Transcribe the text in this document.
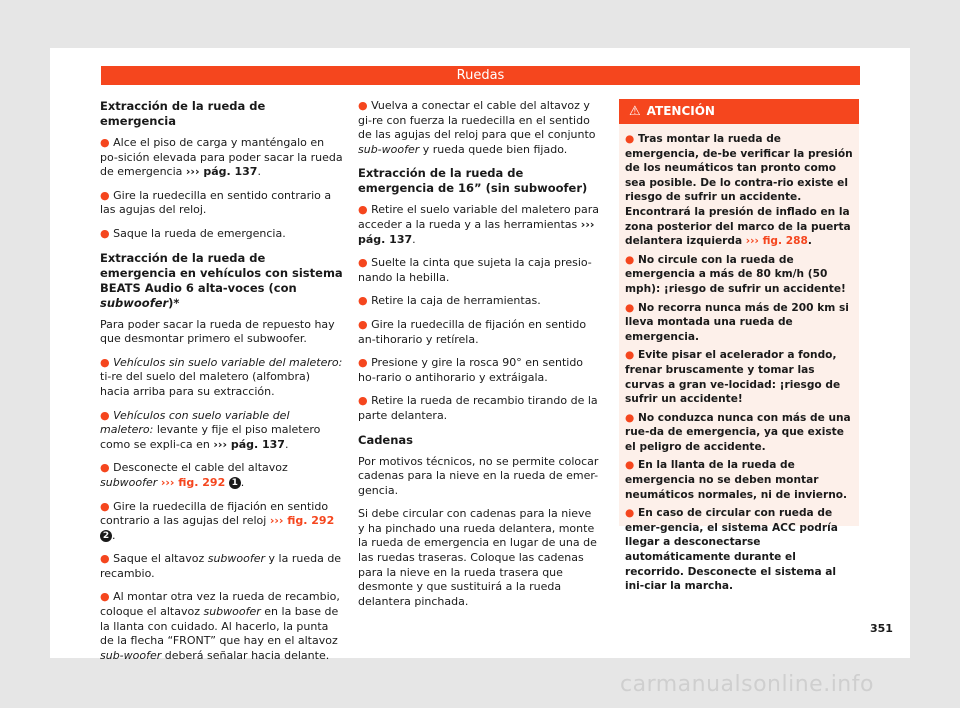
Ruedas
Extracción de la rueda de emergencia

● Alce el piso de carga y manténgalo en po-sición elevada para poder sacar la rueda de emergencia ››› pág. 137.

● Gire la ruedecilla en sentido contrario a las agujas del reloj.

● Saque la rueda de emergencia.

Extracción de la rueda de emergencia en vehículos con sistema BEATS Audio 6 alta-voces (con subwoofer)*

Para poder sacar la rueda de repuesto hay que desmontar primero el subwoofer.

● Vehículos sin suelo variable del maletero: ti-re del suelo del maletero (alfombra) hacia arriba para su extracción.

● Vehículos con suelo variable del maletero: levante y fije el piso maletero como se expli-ca en ››› pág. 137.

● Desconecte el cable del altavoz subwoofer ››› fig. 292 1 .

● Gire la ruedecilla de fijación en sentido contrario a las agujas del reloj ››› fig. 292 2 .

● Saque el altavoz subwoofer y la rueda de recambio.

● Al montar otra vez la rueda de recambio, coloque el altavoz subwoofer en la base de la llanta con cuidado. Al hacerlo, la punta de la flecha “FRONT” que hay en el altavoz sub-woofer deberá señalar hacia delante.

● Vuelva a conectar el cable del altavoz y gi-re con fuerza la ruedecilla en el sentido de las agujas del reloj para que el conjunto sub-woofer y rueda quede bien fijado.

Extracción de la rueda de emergencia de 16” (sin subwoofer)

● Retire el suelo variable del maletero para acceder a la rueda y a las herramientas ››› pág. 137.

● Suelte la cinta que sujeta la caja presio-nando la hebilla.

● Retire la caja de herramientas.

● Gire la ruedecilla de fijación en sentido an-tihorario y retírela.

● Presione y gire la rosca 90° en sentido ho-rario o antihorario y extráigala.

● Retire la rueda de recambio tirando de la parte delantera.

Cadenas

Por motivos técnicos, no se permite colocar cadenas para la nieve en la rueda de emer-gencia.

Si debe circular con cadenas para la nieve y ha pinchado una rueda delantera, monte la rueda de emergencia en lugar de una de las ruedas traseras. Coloque las cadenas para la nieve en la rueda trasera que desmonte y que sustituirá a la rueda delantera pinchada.

⚠ ATENCIÓN

● Tras montar la rueda de emergencia, de-be verificar la presión de los neumáticos tan pronto como sea posible. De lo contra-rio existe el riesgo de sufrir un accidente. Encontrará la presión de inflado en la zona posterior del marco de la puerta delantera izquierda ››› fig. 288.

● No circule con la rueda de emergencia a más de 80 km/h (50 mph): ¡riesgo de sufrir un accidente!

● No recorra nunca más de 200 km si lleva montada una rueda de emergencia.

● Evite pisar el acelerador a fondo, frenar bruscamente y tomar las curvas a gran ve-locidad: ¡riesgo de sufrir un accidente!

● No conduzca nunca con más de una rue-da de emergencia, ya que existe el peligro de accidente.

● En la llanta de la rueda de emergencia no se deben montar neumáticos normales, ni de invierno.

● En caso de circular con rueda de emer-gencia, el sistema ACC podría llegar a desconectarse automáticamente durante el recorrido. Desconecte el sistema al ini-ciar la marcha.

351
carmanualsonline.info
